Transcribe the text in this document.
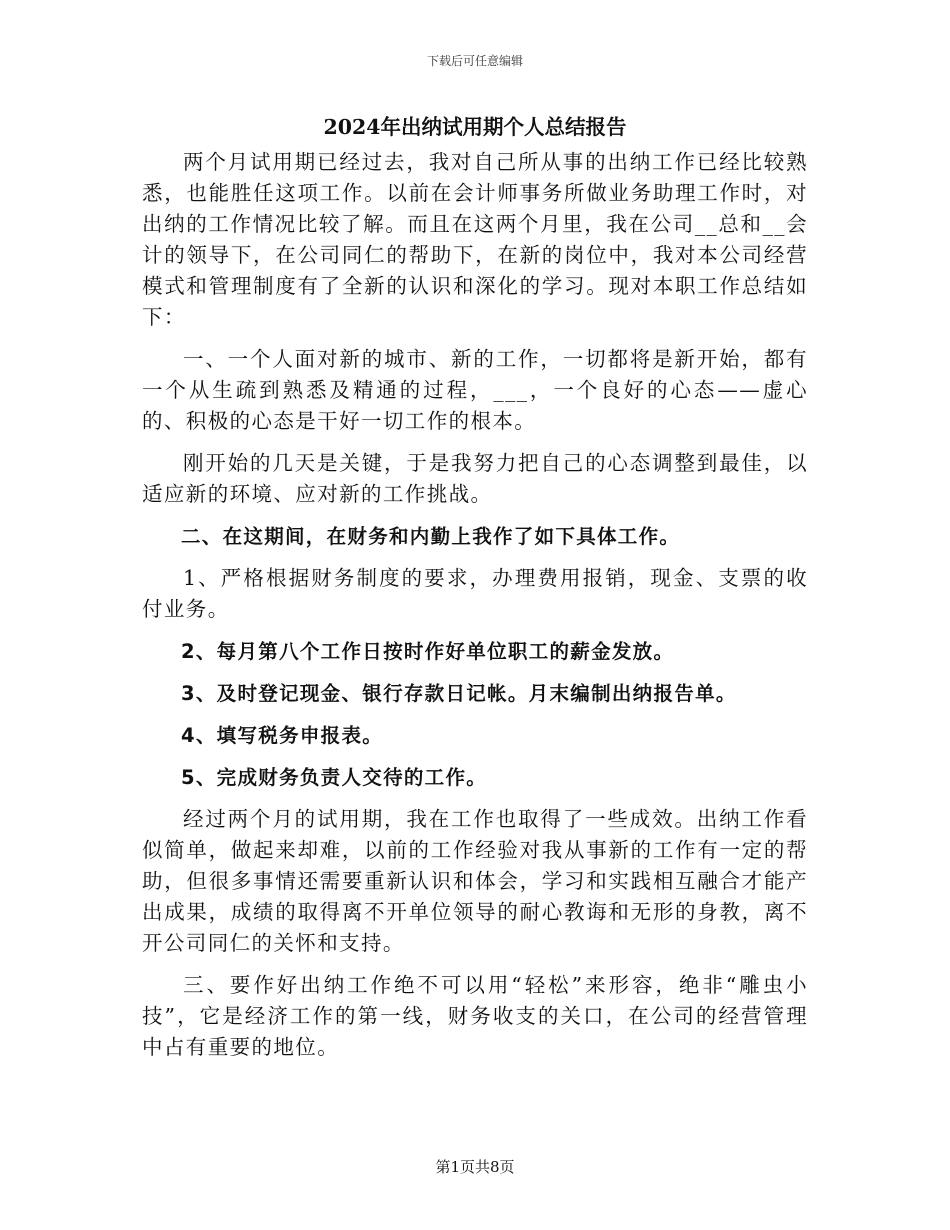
下载后可任意编辑
2024年出纳试用期个人总结报告

两个月试用期已经过去，我对自己所从事的出纳工作已经比较熟悉，也能胜任这项工作。以前在会计师事务所做业务助理工作时，对出纳的工作情况比较了解。而且在这两个月里，我在公司__总和__会计的领导下，在公司同仁的帮助下，在新的岗位中，我对本公司经营模式和管理制度有了全新的认识和深化的学习。现对本职工作总结如下：

一、一个人面对新的城市、新的工作，一切都将是新开始，都有一个从生疏到熟悉及精通的过程，___，一个良好的心态——虚心的、积极的心态是干好一切工作的根本。

刚开始的几天是关键，于是我努力把自己的心态调整到最佳，以适应新的环境、应对新的工作挑战。

二、在这期间，在财务和内勤上我作了如下具体工作。

1、严格根据财务制度的要求，办理费用报销，现金、支票的收付业务。

2、每月第八个工作日按时作好单位职工的薪金发放。

3、及时登记现金、银行存款日记帐。月末编制出纳报告单。

4、填写税务申报表。

5、完成财务负责人交待的工作。

经过两个月的试用期，我在工作也取得了一些成效。出纳工作看似简单，做起来却难，以前的工作经验对我从事新的工作有一定的帮助，但很多事情还需要重新认识和体会，学习和实践相互融合才能产出成果，成绩的取得离不开单位领导的耐心教诲和无形的身教，离不开公司同仁的关怀和支持。

三、要作好出纳工作绝不可以用“轻松”来形容，绝非“雕虫小技”，它是经济工作的第一线，财务收支的关口，在公司的经营管理中占有重要的地位。

第1页共8页
